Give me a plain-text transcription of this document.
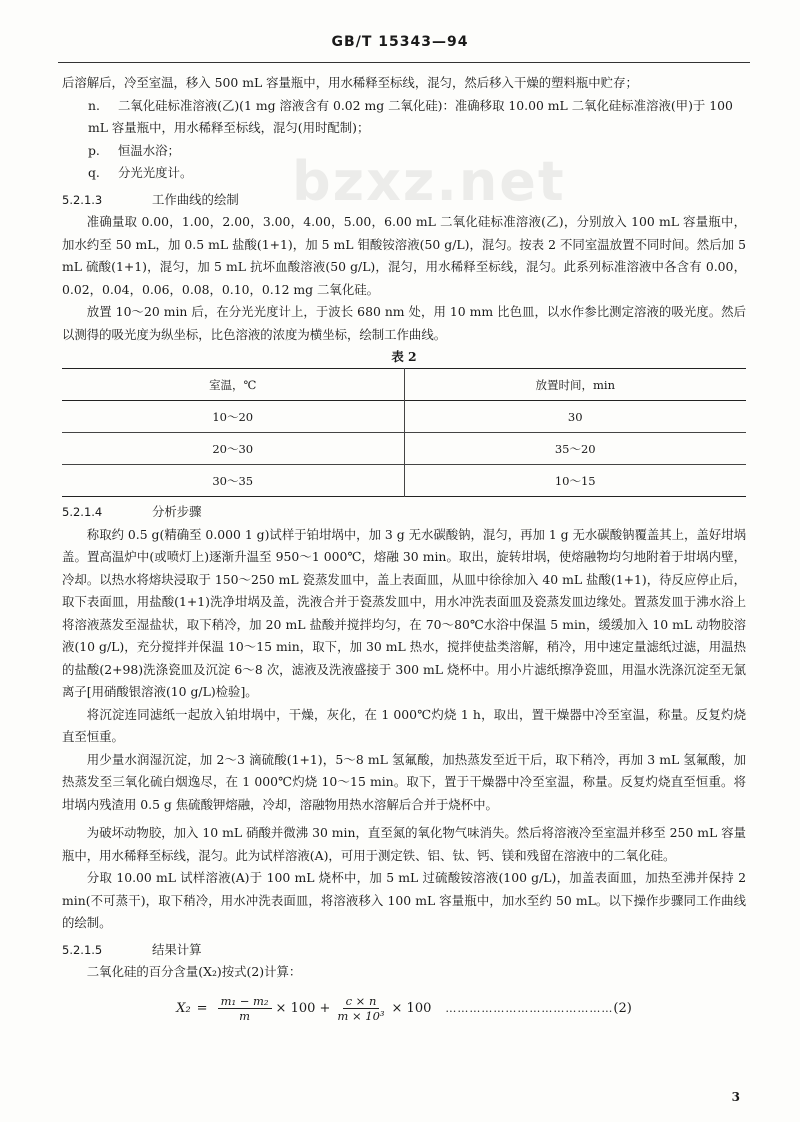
bzxz.net
GB/T 15343—94

后溶解后，冷至室温，移入 500 mL 容量瓶中，用水稀释至标线，混匀，然后移入干燥的塑料瓶中贮存；

n. 二氧化硅标准溶液(乙)(1 mg 溶液含有 0.02 mg 二氧化硅)：准确移取 10.00 mL 二氧化硅标准溶液(甲)于 100 mL 容量瓶中，用水稀释至标线，混匀(用时配制)；

p. 恒温水浴；

q. 分光光度计。

5.2.1.3	工作曲线的绘制

准确量取 0.00，1.00，2.00，3.00，4.00，5.00，6.00 mL 二氧化硅标准溶液(乙)，分别放入 100 mL 容量瓶中，加水约至 50 mL，加 0.5 mL 盐酸(1+1)，加 5 mL 钼酸铵溶液(50 g/L)，混匀。按表 2 不同室温放置不同时间。然后加 5 mL 硫酸(1+1)，混匀，加 5 mL 抗坏血酸溶液(50 g/L)，混匀，用水稀释至标线，混匀。此系列标准溶液中各含有 0.00，0.02，0.04，0.06，0.08，0.10，0.12 mg 二氧化硅。

放置 10～20 min 后，在分光光度计上，于波长 680 nm 处，用 10 mm 比色皿，以水作参比测定溶液的吸光度。然后以测得的吸光度为纵坐标，比色溶液的浓度为横坐标，绘制工作曲线。

表 2
室温，℃	放置时间，min
10～20	30
20～30	35～20
30～35	10～15

5.2.1.4	分析步骤

称取约 0.5 g(精确至 0.000 1 g)试样于铂坩埚中，加 3 g 无水碳酸钠，混匀，再加 1 g 无水碳酸钠覆盖其上，盖好坩埚盖。置高温炉中(或喷灯上)逐渐升温至 950～1 000℃，熔融 30 min。取出，旋转坩埚，使熔融物均匀地附着于坩埚内壁，冷却。以热水将熔块浸取于 150～250 mL 瓷蒸发皿中，盖上表面皿，从皿中徐徐加入 40 mL 盐酸(1+1)，待反应停止后，取下表面皿，用盐酸(1+1)洗净坩埚及盖，洗液合并于瓷蒸发皿中，用水冲洗表面皿及瓷蒸发皿边缘处。置蒸发皿于沸水浴上将溶液蒸发至湿盐状，取下稍冷，加 20 mL 盐酸并搅拌均匀，在 70～80℃水浴中保温 5 min，缓缓加入 10 mL 动物胶溶液(10 g/L)，充分搅拌并保温 10～15 min，取下，加 30 mL 热水，搅拌使盐类溶解，稍冷，用中速定量滤纸过滤，用温热的盐酸(2+98)洗涤瓷皿及沉淀 6～8 次，滤液及洗液盛接于 300 mL 烧杯中。用小片滤纸擦净瓷皿，用温水洗涤沉淀至无氯离子[用硝酸银溶液(10 g/L)检验]。

将沉淀连同滤纸一起放入铂坩埚中，干燥，灰化，在 1 000℃灼烧 1 h，取出，置干燥器中冷至室温，称量。反复灼烧直至恒重。

用少量水润湿沉淀，加 2～3 滴硫酸(1+1)，5～8 mL 氢氟酸，加热蒸发至近干后，取下稍冷，再加 3 mL 氢氟酸，加热蒸发至三氧化硫白烟逸尽，在 1 000℃灼烧 10～15 min。取下，置于干燥器中冷至室温，称量。反复灼烧直至恒重。将坩埚内残渣用 0.5 g 焦硫酸钾熔融，冷却，溶融物用热水溶解后合并于烧杯中。

为破坏动物胶，加入 10 mL 硝酸并微沸 30 min，直至氮的氧化物气味消失。然后将溶液冷至室温并移至 250 mL 容量瓶中，用水稀释至标线，混匀。此为试样溶液(A)，可用于测定铁、铝、钛、钙、镁和残留在溶液中的二氧化硅。

分取 10.00 mL 试样溶液(A)于 100 mL 烧杯中，加 5 mL 过硫酸铵溶液(100 g/L)，加盖表面皿，加热至沸并保持 2 min(不可蒸干)，取下稍冷，用水冲洗表面皿，将溶液移入 100 mL 容量瓶中，加水至约 50 mL。以下操作步骤同工作曲线的绘制。

5.2.1.5	结果计算

二氧化硅的百分含量(X₂)按式(2)计算：

$X_2 = \frac{\text{m₁ − m₂}}{m} \times 100 + \frac{c \times n}{\text{m × 10³}} \times 100$ …………………………………… (2)
3
